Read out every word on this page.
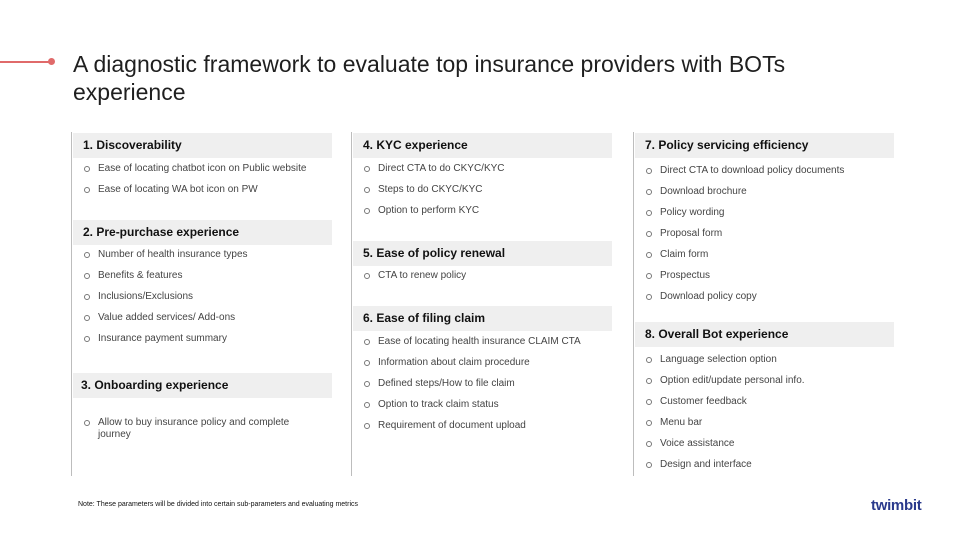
A diagnostic framework to evaluate top insurance providers with BOTs experience
1. Discoverability
Ease of locating chatbot icon on Public website
Ease of locating WA bot icon on PW
2. Pre-purchase experience
Number of health insurance types
Benefits & features
Inclusions/Exclusions
Value added services/ Add-ons
Insurance payment summary
3. Onboarding experience
Allow to buy insurance policy and complete journey
4. KYC experience
Direct CTA to do CKYC/KYC
Steps to do CKYC/KYC
Option to perform KYC
5. Ease of policy renewal
CTA to renew policy
6. Ease of filing claim
Ease of locating health insurance CLAIM CTA
Information about claim procedure
Defined steps/How to file claim
Option to track claim status
Requirement of document upload
7. Policy servicing efficiency
Direct CTA to download policy documents
Download brochure
Policy wording
Proposal form
Claim form
Prospectus
Download policy copy
8. Overall Bot experience
Language selection option
Option edit/update personal info.
Customer feedback
Menu bar
Voice assistance
Design and interface
Note: These parameters will be divided into certain sub-parameters and evaluating metrics	twimbit
